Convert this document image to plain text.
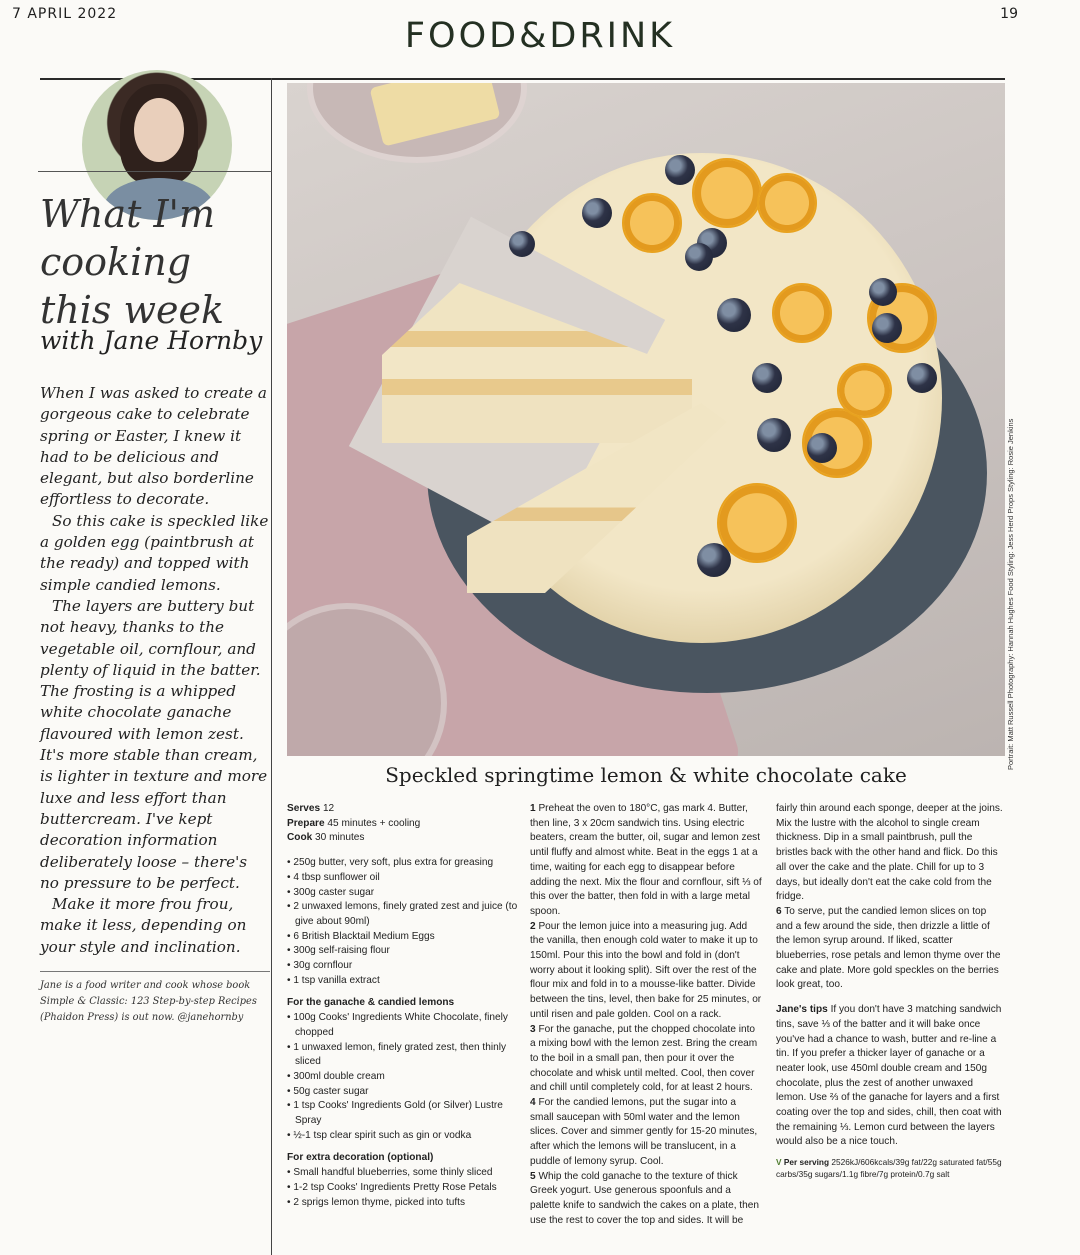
7 APRIL 2022
FOOD&DRINK
19
What I'm cooking this week
with Jane Hornby

When I was asked to create a gorgeous cake to celebrate spring or Easter, I knew it had to be delicious and elegant, but also borderline effortless to decorate.

So this cake is speckled like a golden egg (paintbrush at the ready) and topped with simple candied lemons.

The layers are buttery but not heavy, thanks to the vegetable oil, cornflour, and plenty of liquid in the batter. The frosting is a whipped white chocolate ganache flavoured with lemon zest. It's more stable than cream, is lighter in texture and more luxe and less effort than buttercream. I've kept decoration information deliberately loose – there's no pressure to be perfect.

Make it more frou frou, make it less, depending on your style and inclination.

Jane is a food writer and cook whose book Simple & Classic: 123 Step-by-step Recipes (Phaidon Press) is out now. @janehornby
Portrait: Matt Russell Photography: Hannah Hughes Food Styling: Jess Herd Props Styling: Rosie Jenkins
Speckled springtime lemon & white chocolate cake
Serves 12
Prepare 45 minutes + cooling
Cook 30 minutes
• 250g butter, very soft, plus extra for greasing
• 4 tbsp sunflower oil
• 300g caster sugar
• 2 unwaxed lemons, finely grated zest and juice (to give about 90ml)
• 6 British Blacktail Medium Eggs
• 300g self-raising flour
• 30g cornflour
• 1 tsp vanilla extract
For the ganache & candied lemons
• 100g Cooks' Ingredients White Chocolate, finely chopped
• 1 unwaxed lemon, finely grated zest, then thinly sliced
• 300ml double cream
• 50g caster sugar
• 1 tsp Cooks' Ingredients Gold (or Silver) Lustre Spray
• ½-1 tsp clear spirit such as gin or vodka
For extra decoration (optional)
• Small handful blueberries, some thinly sliced
• 1-2 tsp Cooks' Ingredients Pretty Rose Petals
• 2 sprigs lemon thyme, picked into tufts
1 Preheat the oven to 180°C, gas mark 4. Butter, then line, 3 x 20cm sandwich tins. Using electric beaters, cream the butter, oil, sugar and lemon zest until fluffy and almost white. Beat in the eggs 1 at a time, waiting for each egg to disappear before adding the next. Mix the flour and cornflour, sift ⅓ of this over the batter, then fold in with a large metal spoon.
2 Pour the lemon juice into a measuring jug. Add the vanilla, then enough cold water to make it up to 150ml. Pour this into the bowl and fold in (don't worry about it looking split). Sift over the rest of the flour mix and fold in to a mousse-like batter. Divide between the tins, level, then bake for 25 minutes, or until risen and pale golden. Cool on a rack.
3 For the ganache, put the chopped chocolate into a mixing bowl with the lemon zest. Bring the cream to the boil in a small pan, then pour it over the chocolate and whisk until melted. Cool, then cover and chill until completely cold, for at least 2 hours.
4 For the candied lemons, put the sugar into a small saucepan with 50ml water and the lemon slices. Cover and simmer gently for 15-20 minutes, after which the lemons will be translucent, in a puddle of lemony syrup. Cool.
5 Whip the cold ganache to the texture of thick Greek yogurt. Use generous spoonfuls and a palette knife to sandwich the cakes on a plate, then use the rest to cover the top and sides. It will be
fairly thin around each sponge, deeper at the joins. Mix the lustre with the alcohol to single cream thickness. Dip in a small paintbrush, pull the bristles back with the other hand and flick. Do this all over the cake and the plate. Chill for up to 3 days, but ideally don't eat the cake cold from the fridge.
6 To serve, put the candied lemon slices on top and a few around the side, then drizzle a little of the lemon syrup around. If liked, scatter blueberries, rose petals and lemon thyme over the cake and plate. More gold speckles on the berries look great, too.
Jane's tips If you don't have 3 matching sandwich tins, save ⅓ of the batter and it will bake once you've had a chance to wash, butter and re-line a tin. If you prefer a thicker layer of ganache or a neater look, use 450ml double cream and 150g chocolate, plus the zest of another unwaxed lemon. Use ⅔ of the ganache for layers and a first coating over the top and sides, chill, then coat with the remaining ⅓. Lemon curd between the layers would also be a nice touch.
V Per serving 2526kJ/606kcals/39g fat/22g saturated fat/55g carbs/35g sugars/1.1g fibre/7g protein/0.7g salt
